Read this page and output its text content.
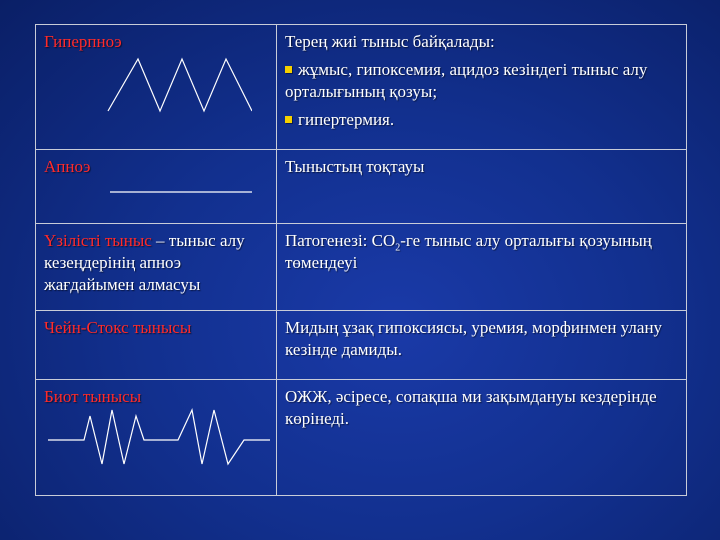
Гиперпноэ	Терең жиі тыныс байқалады:
жұмыс, гипоксемия, ацидоз кезіндегі тыныс алу орталығының қозуы;
гипертермия.

Апноэ	Тыныстың тоқтауы

Үзілісті тыныс – тыныс алу кезеңдерінің апноэ жағдайымен алмасуы	Патогенезі: $СО_2-ге$ тыныс алу орталығы қозуының төмендеуі

Чейн-Стокс тынысы	Мидың ұзақ гипоксиясы, уремия, морфинмен улану кезінде дамиды.

Биот тынысы	ОЖЖ, әсіресе, сопақша ми зақымдануы кездерінде көрінеді.
